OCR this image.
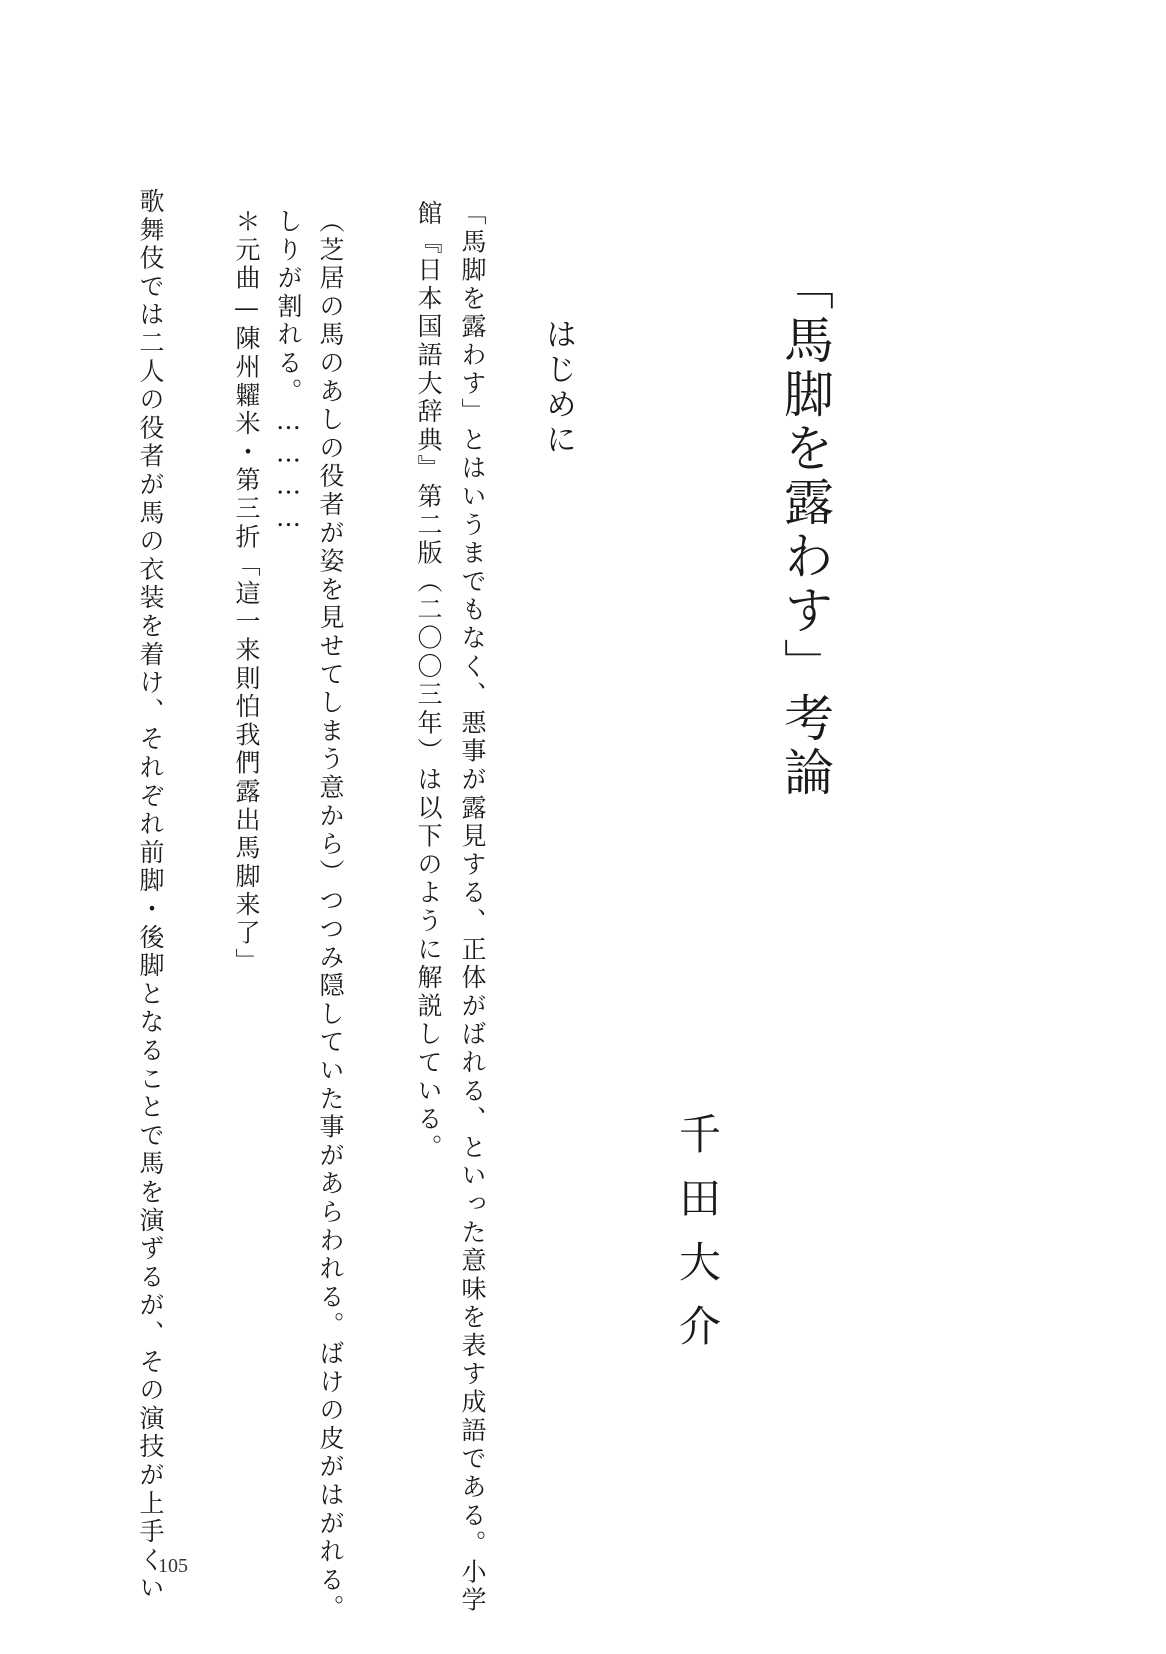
「馬脚を露わす」考論
千田大介
はじめに
「馬脚を露わす」とはいうまでもなく、悪事が露見する、正体がばれる、といった意味を表す成語である。小学
館『日本国語大辞典』第二版（二〇〇三年）は以下のように解説している。
（芝居の馬のあしの役者が姿を見せてしまう意から）つつみ隠していた事があらわれる。ばけの皮がはがれる。
しりが割れる。…………
＊元曲—陳州糶米・第三折「這一来則怕我們露出馬脚来了」
歌舞伎では二人の役者が馬の衣装を着け、それぞれ前脚・後脚となることで馬を演ずるが、その演技が上手くい
105
